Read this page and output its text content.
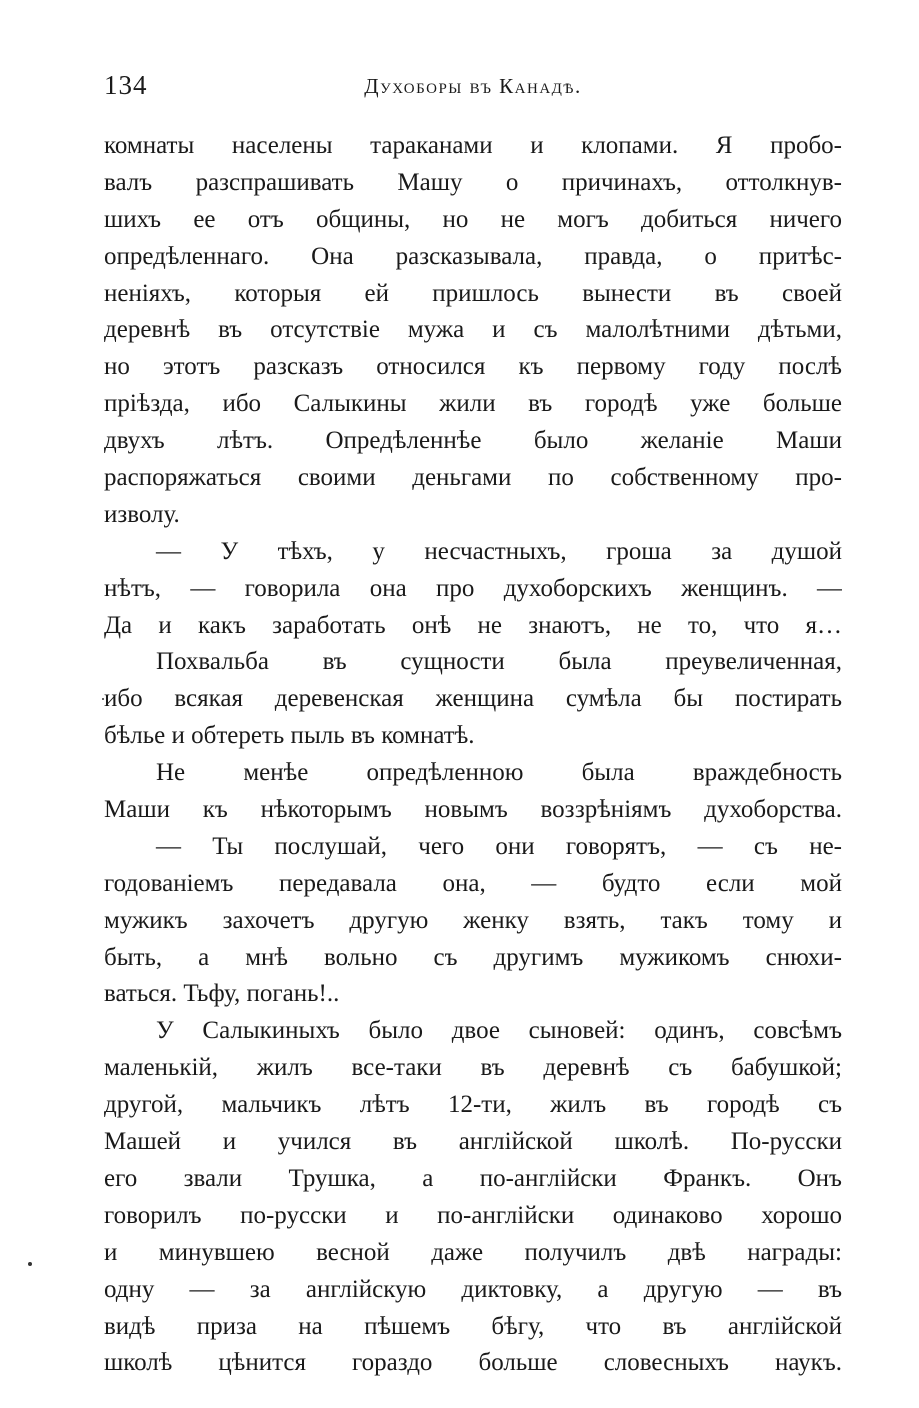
134	Духоборы въ Канадѣ.
комнаты населены тараканами и клопами. Я пробо-
валъ разспрашивать Машу о причинахъ, оттолкнув-
шихъ ее отъ общины, но не могъ добиться ничего
опредѣленнаго. Она разсказывала, правда, о притѣс-
неніяхъ, которыя ей пришлось вынести въ своей
деревнѣ въ отсутствіе мужа и съ малолѣтними дѣтьми,
но этотъ разсказъ относился къ первому году послѣ
пріѣзда, ибо Салыкины жили въ городѣ уже больше
двухъ лѣтъ. Опредѣленнѣе было желаніе Маши
распоряжаться своими деньгами по собственному про-
изволу.
— У тѣхъ, у несчастныхъ, гроша за душой
нѣтъ, — говорила она про духоборскихъ женщинъ. —
Да и какъ заработать онѣ не знаютъ, не то, что я…
Похвальба въ сущности была преувеличенная,
ибо всякая деревенская женщина сумѣла бы постирать
бѣлье и обтереть пыль въ комнатѣ.
Не менѣе опредѣленною была враждебность
Маши къ нѣкоторымъ новымъ воззрѣніямъ духоборства.
— Ты послушай, чего они говорятъ, — съ не-
годованіемъ передавала она, — будто если мой
мужикъ захочетъ другую женку взять, такъ тому и
быть, а мнѣ вольно съ другимъ мужикомъ снюхи-
ваться. Тьфу, погань!..
У Салыкиныхъ было двое сыновей: одинъ, совсѣмъ
маленькій, жилъ все-таки въ деревнѣ съ бабушкой;
другой, мальчикъ лѣтъ 12-ти, жилъ въ городѣ съ
Машей и учился въ англійской школѣ. По-русски
его звали Трушка, а по-англійски Франкъ. Онъ
говорилъ по-русски и по-англійски одинаково хорошо
и минувшею весной даже получилъ двѣ награды:
одну — за англійскую диктовку, а другую — въ
видѣ приза на пѣшемъ бѣгу, что въ англійской
школѣ цѣнится гораздо больше словесныхъ наукъ.
